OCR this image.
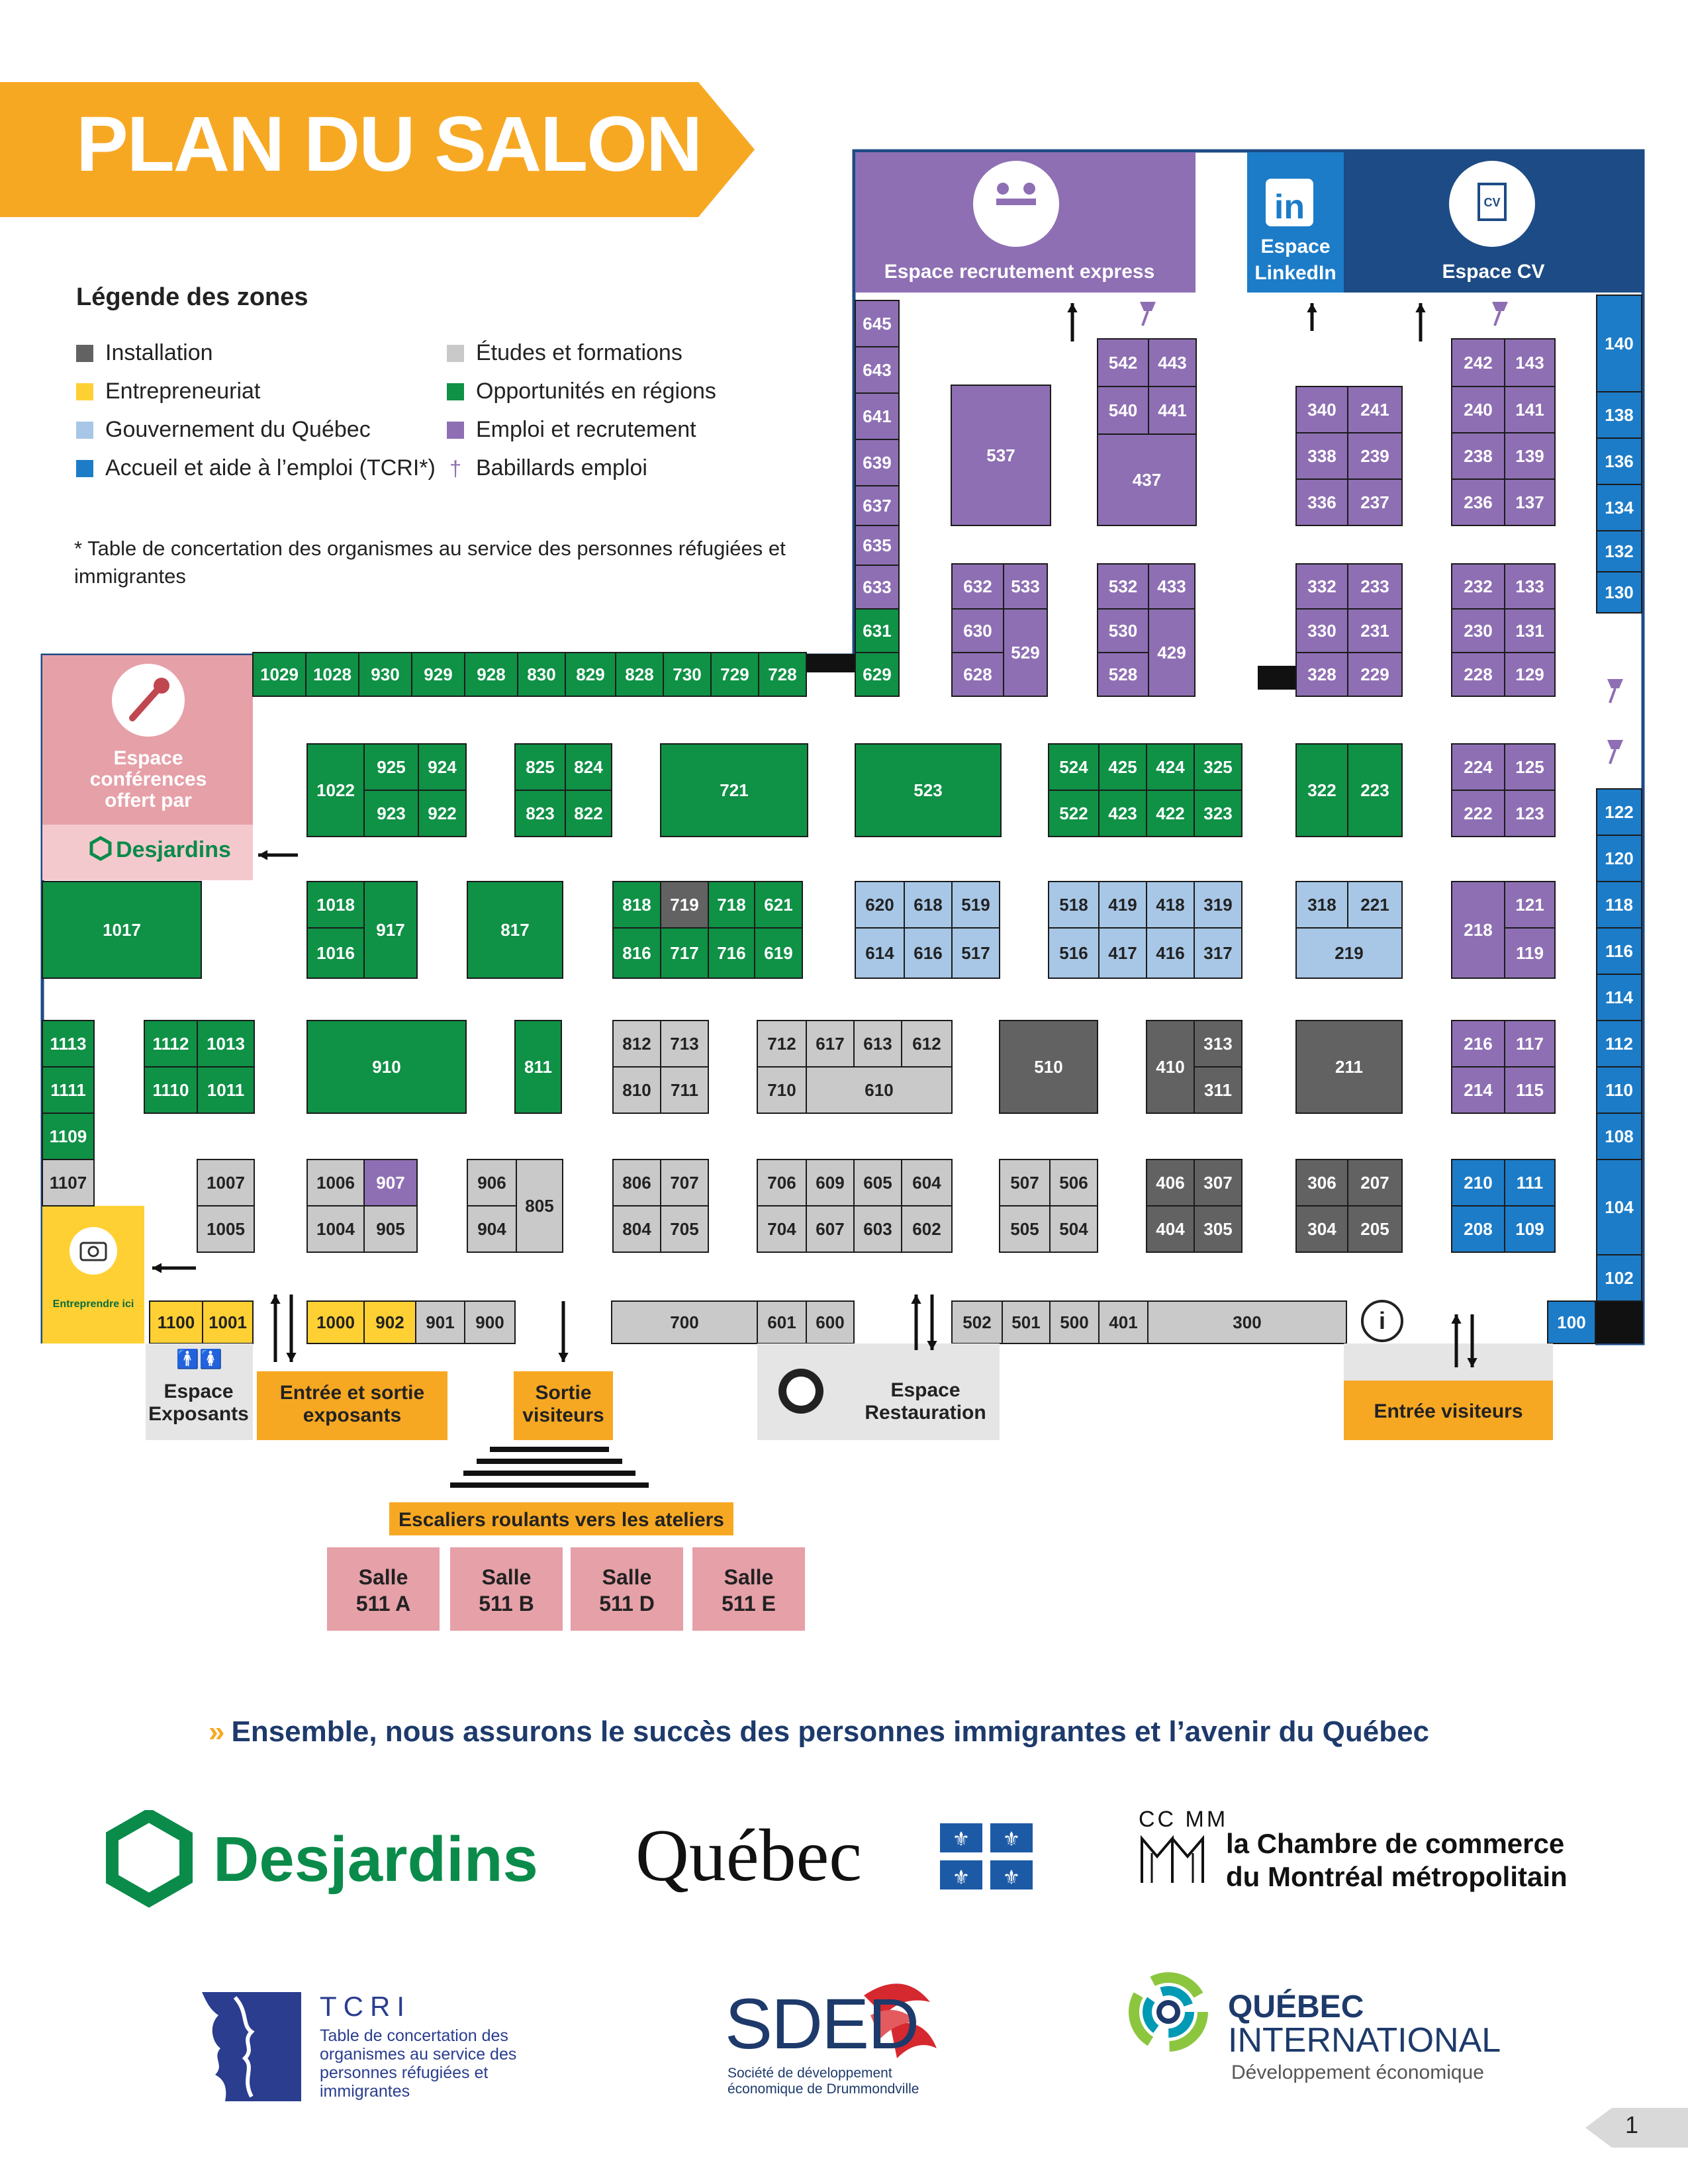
PLAN DU SALON
Légende des zones
Installation
Entrepreneuriat
Gouvernement du Québec
Accueil et aide à l’emploi (TCRI*)
Études et formations
Opportunités en régions
Emploi et recrutement
† Babillards emploi
* Table de concertation des organismes au service des personnes réfugiées et immigrantes
Espace recrutement express
in
Espace
LinkedIn
CV
Espace CV
Espace
conférences
offert par
Desjardins
Entreprendre ici
645
643
641
639
637
635
633
631
629
537
542 443
540 441
437
340 241
338 239
336 237
242 143
240 141
238 139
236 137
140
138
136
134
132
130
632 533
630
529
628
532 433
530
429
528
332 233
330 231
328 229
232 133
230 131
228 129
1029 1028 930 929 928 830 829 828 730 729 728
1022
925 924
923 922
825 824
823 822
721	523
524 425 424 325
522 423 422 323
322 223
224 125
222 123	122
120
118
116
114
112
110
108
104
102
100
1017
1018
917
1016
817
818 719 718 621
816 717 716 619
620 618 519
614 616 517
518 419 418 319
516 417 416 317
318 221
219
218
121
119
1113
1111
1109
1107
1112 1013
1110 1011
910	811
812 713
810 711
712 617 613 612
710	610
510	410
313
311
211
216 117
214 115
1007
1005
1006 907
1004 905
906
805
904
806 707
804 705
706 609 605 604
704 607 603 602
507 506
505 504
406 307
404 305
306 207
304 205
210 111
208 109
1100 1001	1000 902 901 900	700	601 600	502 501 500 401	300
🚹🚺
Espace
Exposants
Entrée et sortie
exposants
Sortie
visiteurs
Espace
Restauration	Entrée visiteurs
i
Escaliers roulants vers les ateliers
Salle
511 A
Salle
511 B
Salle
511 D
Salle
511 E
» Ensemble, nous assurons le succès des personnes immigrantes et l’avenir du Québec
Desjardins Québec	⚜ ⚜
⚜ ⚜
CC MM
la Chambre de commerce
du Montréal métropolitain
TCRI
Table de concertation des organismes au service des personnes réfugiées et immigrantes
SDED
Société de développement économique de Drummondville
QUÉBEC
INTERNATIONAL
Développement économique
1
